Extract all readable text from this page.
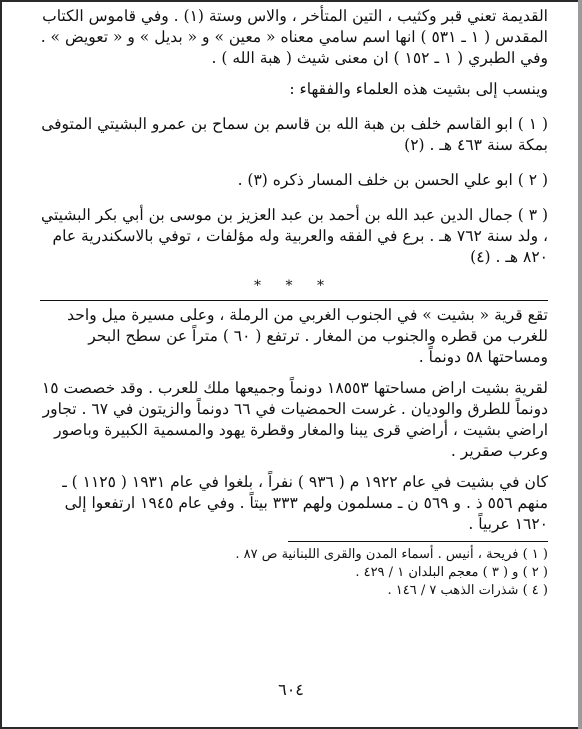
القديمة تعني قبر وكثيب ، التين المتأخر ، والاس وستة (١) . وفي قاموس الكتاب المقدس ( ١ ـ ٥٣١ ) انها اسم سامي معناه « معين » و « بديل » و « تعويض » . وفي الطبري ( ١ ـ ١٥٢ ) ان معنى شيث ( هبة الله ) .

وينسب إلى بشيت هذه العلماء والفقهاء :

( ١ ) ابو القاسم خلف بن هبة الله بن قاسم بن سماح بن عمرو البشيتي المتوفى بمكة سنة ٤٦٣ هـ . (٢)

( ٢ ) ابو علي الحسن بن خلف المسار ذكره (٣) .

( ٣ ) جمال الدين عبد الله بن أحمد بن عبد العزيز بن موسى بن أبي بكر البشيتي ، ولد سنة ٧٦٢ هـ . برع في الفقه والعربية وله مؤلفات ، توفي بالاسكندرية عام ٨٢٠ هـ . (٤)

* * *

تقع قرية « بشيت » في الجنوب الغربي من الرملة ، وعلى مسيرة ميل واحد للغرب من قطره والجنوب من المغار . ترتفع ( ٦٠ ) متراً عن سطح البحر ومساحتها ٥٨ دونماً .

لقرية بشيت اراض مساحتها ١٨٥٥٣ دونماً وجميعها ملك للعرب . وقد خصصت ١٥ دونماً للطرق والوديان . غرست الحمضيات في ٦٦ دونماً والزيتون في ٦٧ . تجاور اراضي بشيت ، أراضي قرى يبنا والمغار وقطرة يهود والمسمية الكبيرة وباصور وعرب صقرير .

كان في بشيت في عام ١٩٢٢ م ( ٩٣٦ ) نفراً ، بلغوا في عام ١٩٣١ ( ١١٢٥ ) ـ منهم ٥٥٦ ذ . و ٥٦٩ ن ـ مسلمون ولهم ٣٣٣ بيتاً . وفي عام ١٩٤٥ ارتفعوا إلى ١٦٢٠ عربياً .

( ١ ) فريحة ، أنيس . أسماء المدن والقرى اللبنانية ص ٨٧ .
( ٢ ) و ( ٣ ) معجم البلدان ١ / ٤٢٩ .
( ٤ ) شذرات الذهب ٧ / ١٤٦ .
٦٠٤
